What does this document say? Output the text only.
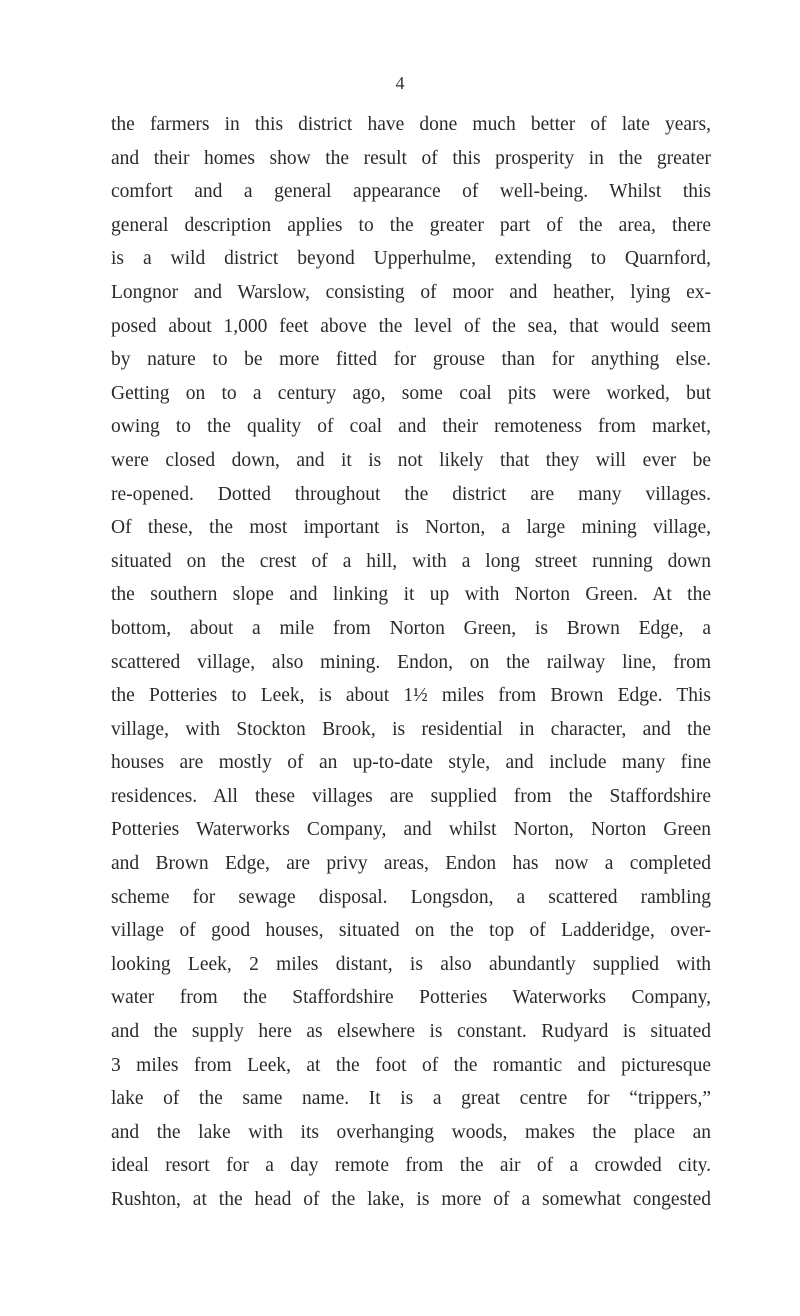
4
the farmers in this district have done much better of late years,
and their homes show the result of this prosperity in the greater
comfort and a general appearance of well-being. Whilst this
general description applies to the greater part of the area, there
is a wild district beyond Upperhulme, extending to Quarnford,
Longnor and Warslow, consisting of moor and heather, lying ex-
posed about 1,000 feet above the level of the sea, that would seem
by nature to be more fitted for grouse than for anything else.
Getting on to a century ago, some coal pits were worked, but
owing to the quality of coal and their remoteness from market,
were closed down, and it is not likely that they will ever be
re-opened. Dotted throughout the district are many villages.
Of these, the most important is Norton, a large mining village,
situated on the crest of a hill, with a long street running down
the southern slope and linking it up with Norton Green. At the
bottom, about a mile from Norton Green, is Brown Edge, a
scattered village, also mining. Endon, on the railway line, from
the Potteries to Leek, is about 1½ miles from Brown Edge. This
village, with Stockton Brook, is residential in character, and the
houses are mostly of an up-to-date style, and include many fine
residences. All these villages are supplied from the Staffordshire
Potteries Waterworks Company, and whilst Norton, Norton Green
and Brown Edge, are privy areas, Endon has now a completed
scheme for sewage disposal. Longsdon, a scattered rambling
village of good houses, situated on the top of Ladderidge, over-
looking Leek, 2 miles distant, is also abundantly supplied with
water from the Staffordshire Potteries Waterworks Company,
and the supply here as elsewhere is constant. Rudyard is situated
3 miles from Leek, at the foot of the romantic and picturesque
lake of the same name. It is a great centre for “trippers,”
and the lake with its overhanging woods, makes the place an
ideal resort for a day remote from the air of a crowded city.
Rushton, at the head of the lake, is more of a somewhat congested
